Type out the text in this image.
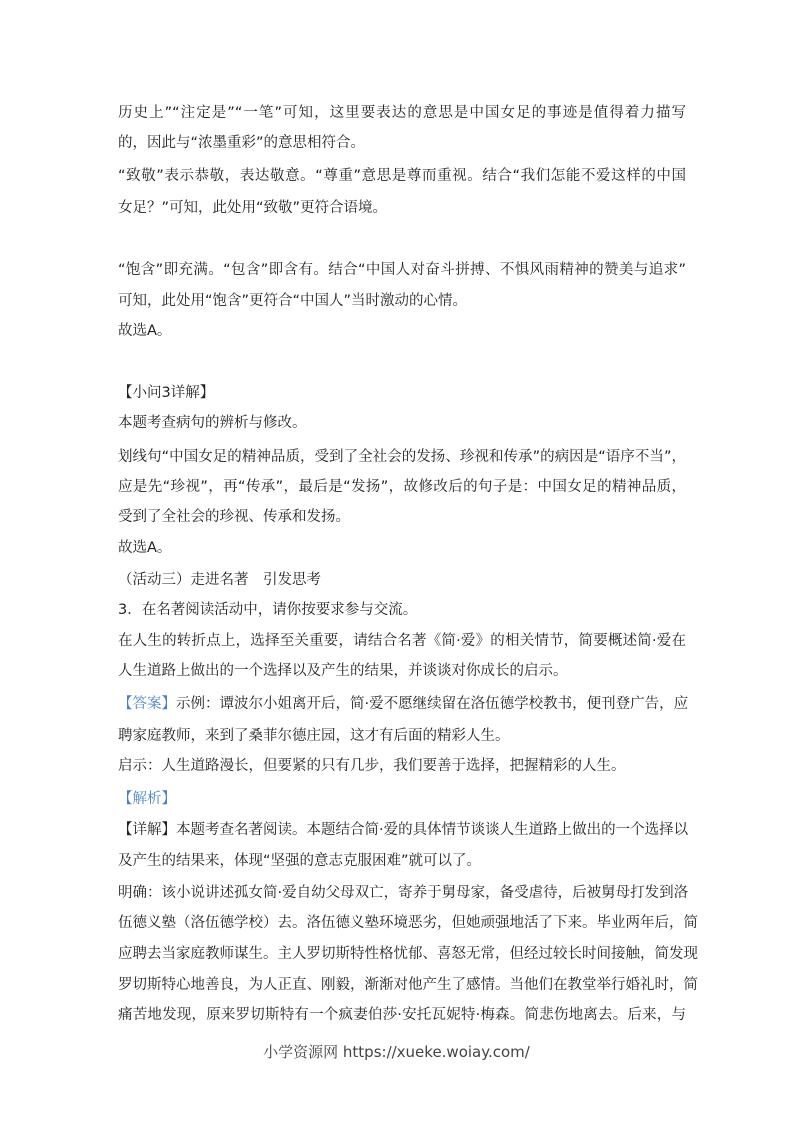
历史上”“注定是”“一笔”可知，这里要表达的意思是中国女足的事迹是值得着力描写
的，因此与“浓墨重彩”的意思相符合。
“致敬”表示恭敬，表达敬意。“尊重”意思是尊而重视。结合“我们怎能不爱这样的中国
女足？”可知，此处用“致敬”更符合语境。
“饱含”即充满。“包含”即含有。结合“中国人对奋斗拼搏、不惧风雨精神的赞美与追求”
可知，此处用“饱含”更符合“中国人”当时激动的心情。
故选A。
【小问3详解】
本题考查病句的辨析与修改。
划线句“中国女足的精神品质，受到了全社会的发扬、珍视和传承”的病因是“语序不当”，
应是先“珍视”，再“传承”，最后是“发扬”，故修改后的句子是：中国女足的精神品质，
受到了全社会的珍视、传承和发扬。
故选A。
（活动三）走进名著　引发思考
3．在名著阅读活动中，请你按要求参与交流。
在人生的转折点上，选择至关重要，请结合名著《简·爱》的相关情节，简要概述简·爱在
人生道路上做出的一个选择以及产生的结果，并谈谈对你成长的启示。
【答案】示例：谭波尔小姐离开后，简·爱不愿继续留在洛伍德学校教书，便刊登广告，应
聘家庭教师，来到了桑菲尔德庄园，这才有后面的精彩人生。
启示：人生道路漫长，但要紧的只有几步，我们要善于选择，把握精彩的人生。
【解析】
【详解】本题考查名著阅读。本题结合简·爱的具体情节谈谈人生道路上做出的一个选择以
及产生的结果来，体现“坚强的意志克服困难”就可以了。
明确：该小说讲述孤女简·爱自幼父母双亡，寄养于舅母家，备受虐待，后被舅母打发到洛
伍德义塾（洛伍德学校）去。洛伍德义塾环境恶劣，但她顽强地活了下来。毕业两年后，简
应聘去当家庭教师谋生。主人罗切斯特性格忧郁、喜怒无常，但经过较长时间接触，简发现
罗切斯特心地善良，为人正直、刚毅，渐渐对他产生了感情。当他们在教堂举行婚礼时，简
痛苦地发现，原来罗切斯特有一个疯妻伯莎·安托瓦妮特·梅森。简悲伤地离去。后来，与
小学资源网 https://xueke.woiay.com/
